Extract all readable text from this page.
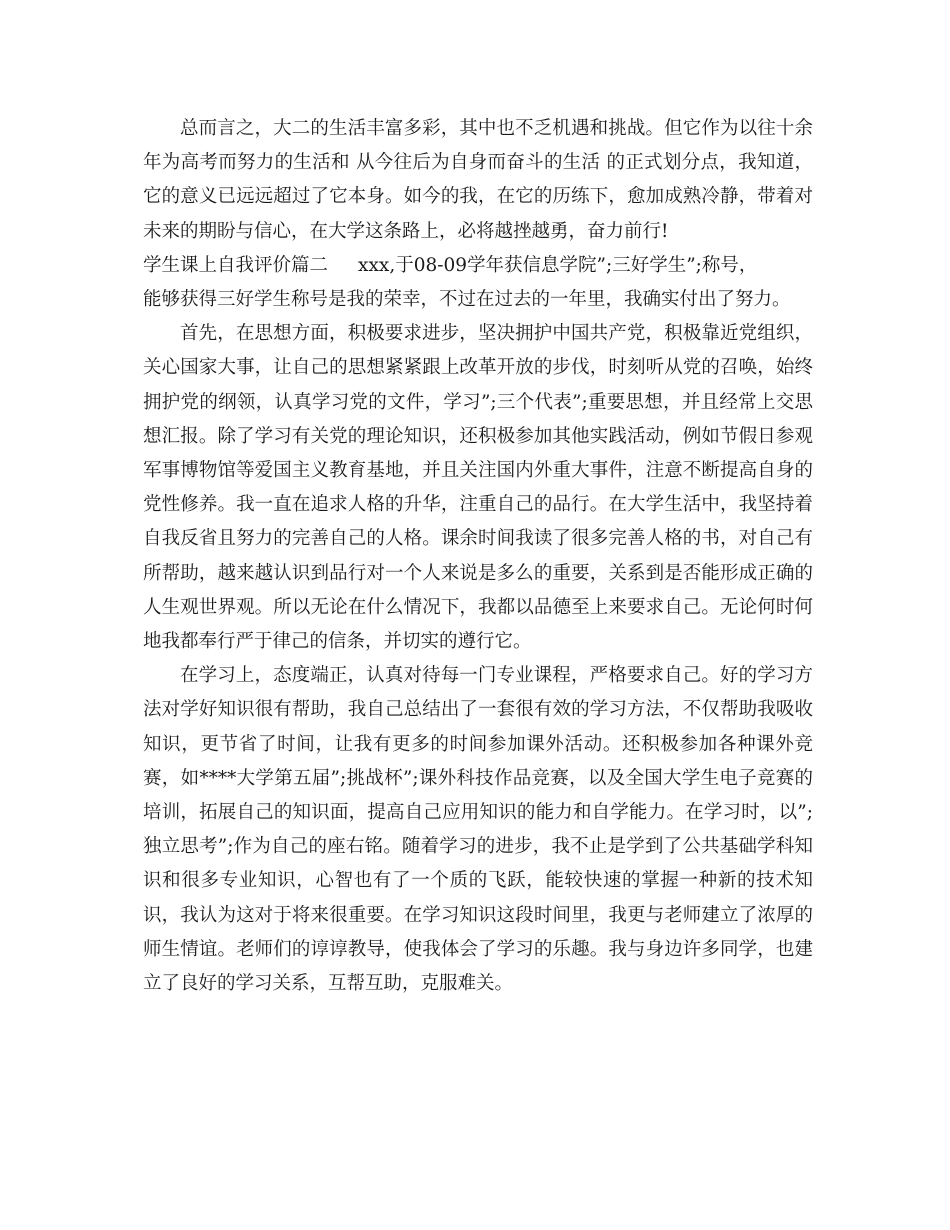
总而言之，大二的生活丰富多彩，其中也不乏机遇和挑战。但它作为以往十余年为高考而努力的生活和 从今往后为自身而奋斗的生活 的正式划分点，我知道，它的意义已远远超过了它本身。如今的我，在它的历练下，愈加成熟冷静，带着对未来的期盼与信心，在大学这条路上，必将越挫越勇，奋力前行!

学生课上自我评价篇二 xxx,于08-09学年获信息学院”;三好学生”;称号，

能够获得三好学生称号是我的荣幸，不过在过去的一年里，我确实付出了努力。

首先，在思想方面，积极要求进步，坚决拥护中国共产党，积极靠近党组织，关心国家大事，让自己的思想紧紧跟上改革开放的步伐，时刻听从党的召唤，始终拥护党的纲领，认真学习党的文件，学习”;三个代表”;重要思想，并且经常上交思想汇报。除了学习有关党的理论知识，还积极参加其他实践活动，例如节假日参观军事博物馆等爱国主义教育基地，并且关注国内外重大事件，注意不断提高自身的党性修养。我一直在追求人格的升华，注重自己的品行。在大学生活中，我坚持着自我反省且努力的完善自己的人格。课余时间我读了很多完善人格的书，对自己有所帮助，越来越认识到品行对一个人来说是多么的重要，关系到是否能形成正确的人生观世界观。所以无论在什么情况下，我都以品德至上来要求自己。无论何时何地我都奉行严于律己的信条，并切实的遵行它。

在学习上，态度端正，认真对待每一门专业课程，严格要求自己。好的学习方法对学好知识很有帮助，我自己总结出了一套很有效的学习方法，不仅帮助我吸收知识，更节省了时间，让我有更多的时间参加课外活动。还积极参加各种课外竞赛，如****大学第五届”;挑战杯”;课外科技作品竞赛，以及全国大学生电子竞赛的培训，拓展自己的知识面，提高自己应用知识的能力和自学能力。在学习时，以”;独立思考”;作为自己的座右铭。随着学习的进步，我不止是学到了公共基础学科知识和很多专业知识，心智也有了一个质的飞跃，能较快速的掌握一种新的技术知识，我认为这对于将来很重要。在学习知识这段时间里，我更与老师建立了浓厚的师生情谊。老师们的谆谆教导，使我体会了学习的乐趣。我与身边许多同学，也建立了良好的学习关系，互帮互助，克服难关。
